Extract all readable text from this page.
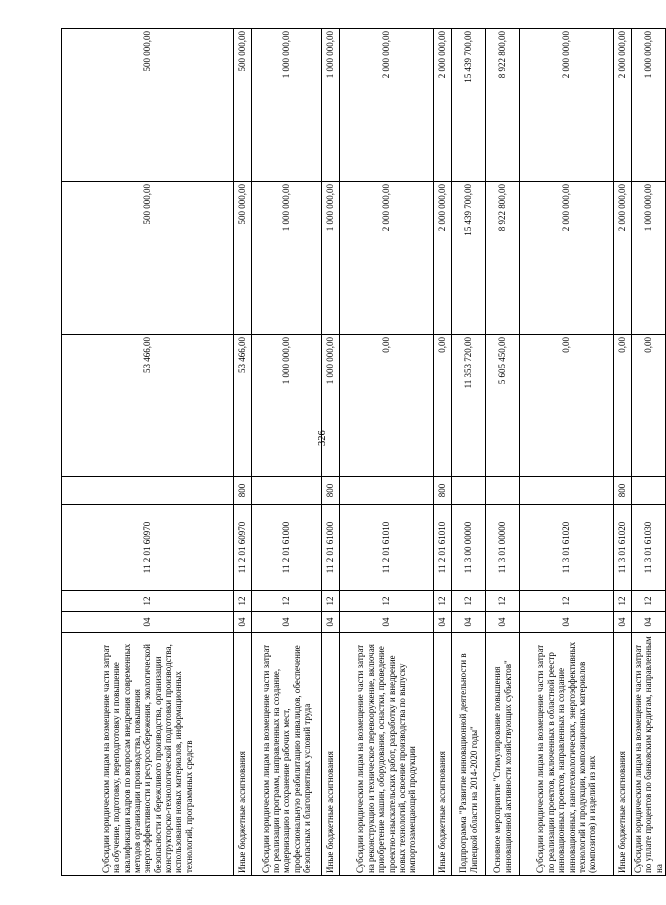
326
Субсидии юридическим лицам на возмещение части затрат на обучение, подготовку, переподготовку и повышение квалификации кадров по вопросам внедрения современных методов организации производства, повышения энергоэффективности и ресурсосбережения, экологической безопасности и бережливого производства, организации конструкторско-технологической подготовки производства, использования новых материалов, информационных технологий, программных средств	04	12	11 2 01 60970		53 466,00	500 000,00	500 000,00
Иные бюджетные ассигнования	04	12	11 2 01 60970	800	53 466,00	500 000,00	500 000,00
Субсидии юридическим лицам на возмещение части затрат по реализации программ, направленных на создание, модернизацию и сохранение рабочих мест, профессиональную реабилитацию инвалидов, обеспечение безопасных и благоприятных условий труда	04	12	11 2 01 61000		1 000 000,00	1 000 000,00	1 000 000,00
Иные бюджетные ассигнования	04	12	11 2 01 61000	800	1 000 000,00	1 000 000,00	1 000 000,00
Субсидии юридическим лицам на возмещение части затрат на реконструкцию и техническое перевооружение, включая приобретение машин, оборудования, оснастки, проведение проектно-изыскательских работ, разработку и внедрение новых технологий, освоение производства по выпуску импортозамещающей продукции	04	12	11 2 01 61010		0,00	2 000 000,00	2 000 000,00
Иные бюджетные ассигнования	04	12	11 2 01 61010	800	0,00	2 000 000,00	2 000 000,00
Подпрограмма "Развитие инновационной деятельности в Липецкой области на 2014-2020 годы"	04	12	11 3 00 00000		11 353 720,00	15 439 700,00	15 439 700,00
Основное мероприятие "Стимулирование повышения инновационной активности хозяйствующих субъектов"	04	12	11 3 01 00000		5 605 450,00	8 922 800,00	8 922 800,00
Субсидии юридическим лицам на возмещение части затрат по реализации проектов, включенных в областной реестр инновационных проектов, направленных на создание инновационных, нанотехнологических, энергоэффективных технологий и продукции, композиционных материалов (композитов) и изделий из них	04	12	11 3 01 61020		0,00	2 000 000,00	2 000 000,00
Иные бюджетные ассигнования	04	12	11 3 01 61020	800	0,00	2 000 000,00	2 000 000,00
Субсидии юридическим лицам на возмещение части затрат по уплате процентов по банковским кредитам, направленным на	04	12	11 3 01 61030		0,00	1 000 000,00	1 000 000,00
